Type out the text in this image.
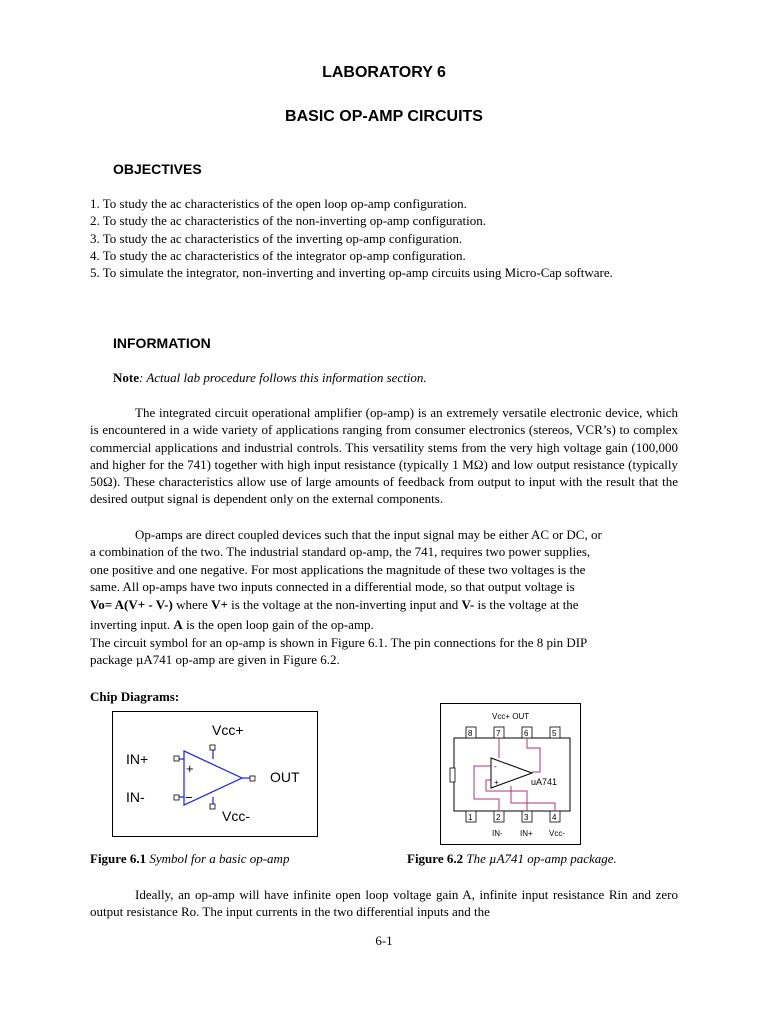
LABORATORY 6
BASIC OP-AMP CIRCUITS
OBJECTIVES
1. To study the ac characteristics of the open loop op-amp configuration.
2. To study the ac characteristics of the non-inverting op-amp configuration.
3. To study the ac characteristics of the inverting op-amp configuration.
4. To study the ac characteristics of the integrator op-amp configuration.
5. To simulate the integrator, non-inverting and inverting op-amp circuits using Micro-Cap software.
INFORMATION
Note: Actual lab procedure follows this information section.

The integrated circuit operational amplifier (op-amp) is an extremely versatile electronic device, which is encountered in a wide variety of applications ranging from consumer electronics (stereos, VCR’s) to complex commercial applications and industrial controls. This versatility stems from the very high voltage gain (100,000 and higher for the 741) together with high input resistance (typically 1 MΩ) and low output resistance (typically 50Ω). These characteristics allow use of large amounts of feedback from output to input with the result that the desired output signal is dependent only on the external components.

Op-amps are direct coupled devices such that the input signal may be either AC or DC, or
a combination of the two. The industrial standard op-amp, the 741, requires two power supplies,
one positive and one negative. For most applications the magnitude of these two voltages is the
same. All op-amps have two inputs connected in a differential mode, so that output voltage is
Vo= A(V+ - V-) where V+ is the voltage at the non-inverting input and V- is the voltage at the
inverting input. A is the open loop gain of the op-amp.
The circuit symbol for an op-amp is shown in Figure 6.1. The pin connections for the 8 pin DIP
package µA741 op-amp are given in Figure 6.2.
Chip Diagrams:
Vcc+
IN+
IN-
OUT
Vcc-
+
−
Vcc+ OUT
8	7	6	5
1	2	3	4
-
+	uA741
IN- IN+ Vcc-
Figure 6.1 Symbol for a basic op-amp	Figure 6.2 The µA741 op-amp package.

Ideally, an op-amp will have infinite open loop voltage gain A, infinite input resistance Rin and zero output resistance Ro. The input currents in the two differential inputs and the

6-1
